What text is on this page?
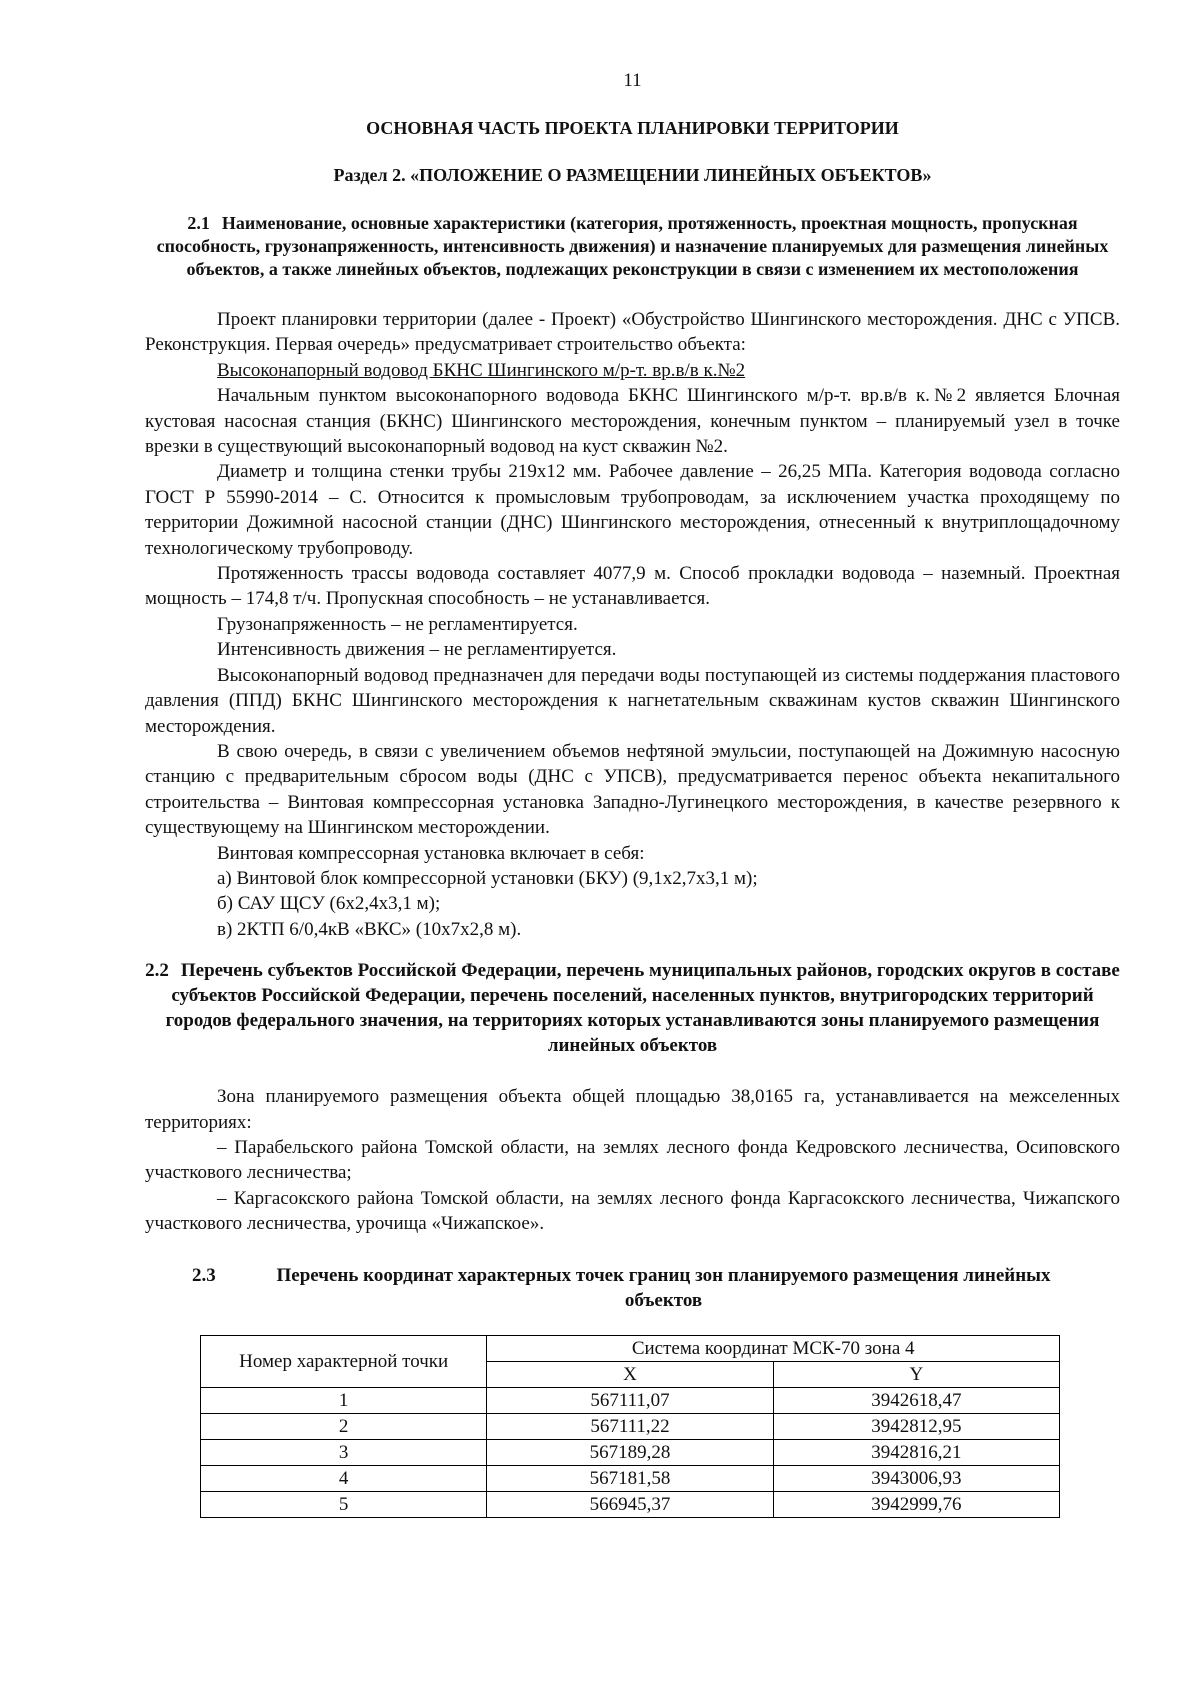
11
ОСНОВНАЯ ЧАСТЬ ПРОЕКТА ПЛАНИРОВКИ ТЕРРИТОРИИ
Раздел 2. «ПОЛОЖЕНИЕ О РАЗМЕЩЕНИИ ЛИНЕЙНЫХ ОБЪЕКТОВ»
2.1 Наименование, основные характеристики (категория, протяженность, проектная мощность, пропускная способность, грузонапряженность, интенсивность движения) и назначение планируемых для размещения линейных объектов, а также линейных объектов, подлежащих реконструкции в связи с изменением их местоположения

Проект планировки территории (далее - Проект) «Обустройство Шингинского месторождения. ДНС с УПСВ. Реконструкция. Первая очередь» предусматривает строительство объекта:

Высоконапорный водовод БКНС Шингинского м/р-т. вр.в/в к.№2

Начальным пунктом высоконапорного водовода БКНС Шингинского м/р-т. вр.в/в к.№2 является Блочная кустовая насосная станция (БКНС) Шингинского месторождения, конечным пунктом – планируемый узел в точке врезки в существующий высоконапорный водовод на куст скважин №2.

Диаметр и толщина стенки трубы 219х12 мм. Рабочее давление – 26,25 МПа. Категория водовода согласно ГОСТ Р 55990-2014 – С. Относится к промысловым трубопроводам, за исключением участка проходящему по территории Дожимной насосной станции (ДНС) Шингинского месторождения, отнесенный к внутриплощадочному технологическому трубопроводу.

Протяженность трассы водовода составляет 4077,9 м. Способ прокладки водовода – наземный. Проектная мощность – 174,8 т/ч. Пропускная способность – не устанавливается.

Грузонапряженность – не регламентируется.

Интенсивность движения – не регламентируется.

Высоконапорный водовод предназначен для передачи воды поступающей из системы поддержания пластового давления (ППД) БКНС Шингинского месторождения к нагнетательным скважинам кустов скважин Шингинского месторождения.

В свою очередь, в связи с увеличением объемов нефтяной эмульсии, поступающей на Дожимную насосную станцию с предварительным сбросом воды (ДНС с УПСВ), предусматривается перенос объекта некапитального строительства – Винтовая компрессорная установка Западно-Лугинецкого месторождения, в качестве резервного к существующему на Шингинском месторождении.

Винтовая компрессорная установка включает в себя:

а) Винтовой блок компрессорной установки (БКУ) (9,1х2,7х3,1 м);

б) САУ ЩСУ (6х2,4х3,1 м);

в) 2КТП 6/0,4кВ «ВКС» (10х7х2,8 м).

2.2 Перечень субъектов Российской Федерации, перечень муниципальных районов, городских округов в составе субъектов Российской Федерации, перечень поселений, населенных пунктов, внутригородских территорий городов федерального значения, на территориях которых устанавливаются зоны планируемого размещения линейных объектов

Зона планируемого размещения объекта общей площадью 38,0165 га, устанавливается на межселенных территориях:

– Парабельского района Томской области, на землях лесного фонда Кедровского лесничества, Осиповского участкового лесничества;

– Каргасокского района Томской области, на землях лесного фонда Каргасокского лесничества, Чижапского участкового лесничества, урочища «Чижапское».

2.3	Перечень координат характерных точек границ зон планируемого размещения линейных объектов
Номер характерной точки	Система координат МСК-70 зона 4	
	X	Y
1	567111,07	3942618,47
2	567111,22	3942812,95
3	567189,28	3942816,21
4	567181,58	3943006,93
5	566945,37	3942999,76
